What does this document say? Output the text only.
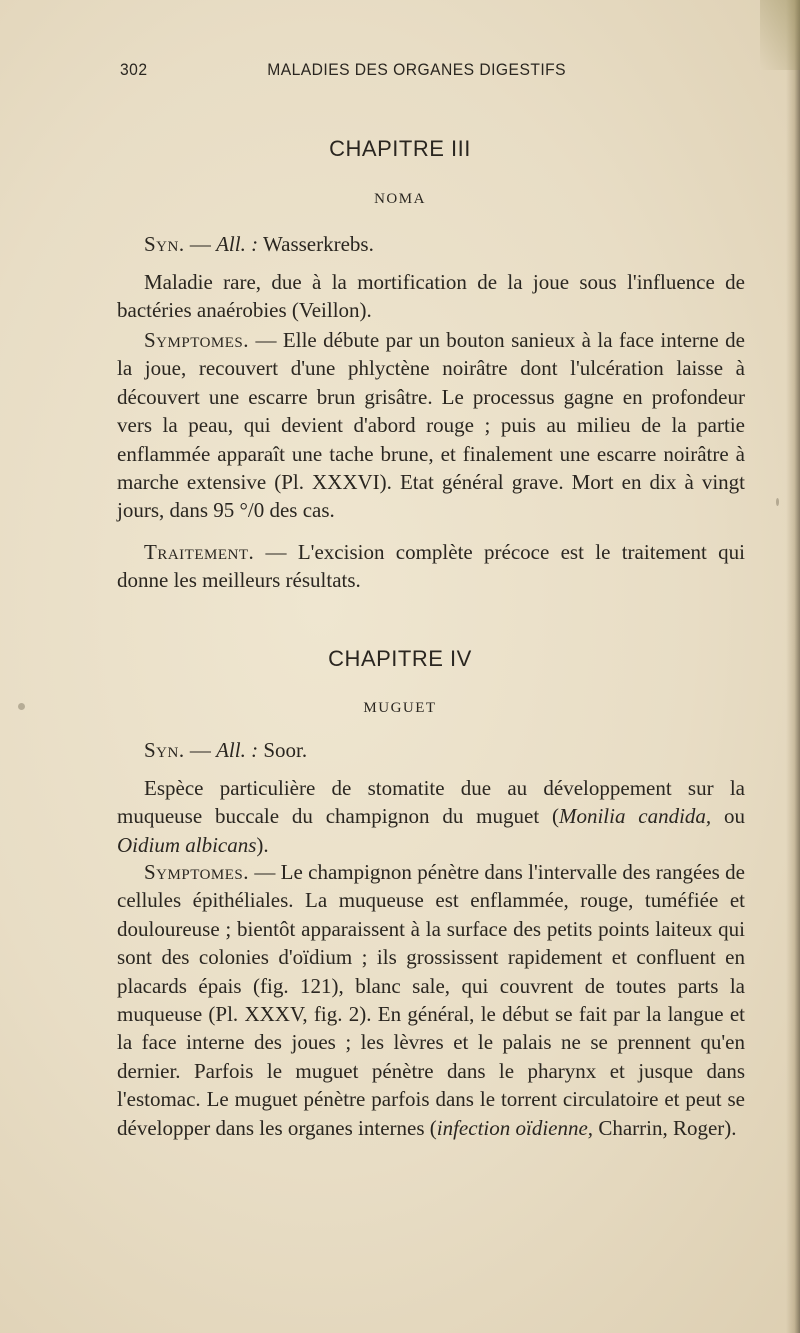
302	MALADIES DES ORGANES DIGESTIFS
CHAPITRE III
NOMA

Syn. — All. : Wasserkrebs.

Maladie rare, due à la mortification de la joue sous l'influence de bactéries anaérobies (Veillon).

Symptomes. — Elle débute par un bouton sanieux à la face interne de la joue, recouvert d'une phlyctène noirâtre dont l'ulcération laisse à découvert une escarre brun grisâtre. Le processus gagne en profondeur vers la peau, qui devient d'abord rouge ; puis au milieu de la partie enflammée apparaît une tache brune, et finalement une escarre noirâtre à marche extensive (Pl. XXXVI). Etat général grave. Mort en dix à vingt jours, dans 95 °/0 des cas.

Traitement. — L'excision complète précoce est le traitement qui donne les meilleurs résultats.

CHAPITRE IV
MUGUET

Syn. — All. : Soor.

Espèce particulière de stomatite due au développement sur la muqueuse buccale du champignon du muguet (Monilia candida, ou Oidium albicans).

Symptomes. — Le champignon pénètre dans l'intervalle des rangées de cellules épithéliales. La muqueuse est enflammée, rouge, tuméfiée et douloureuse ; bientôt apparaissent à la surface des petits points laiteux qui sont des colonies d'oïdium ; ils grossissent rapidement et confluent en placards épais (fig. 121), blanc sale, qui couvrent de toutes parts la muqueuse (Pl. XXXV, fig. 2). En général, le début se fait par la langue et la face interne des joues ; les lèvres et le palais ne se prennent qu'en dernier. Parfois le muguet pénètre dans le pharynx et jusque dans l'estomac. Le muguet pénètre parfois dans le torrent circulatoire et peut se développer dans les organes internes (infection oïdienne, Charrin, Roger).
